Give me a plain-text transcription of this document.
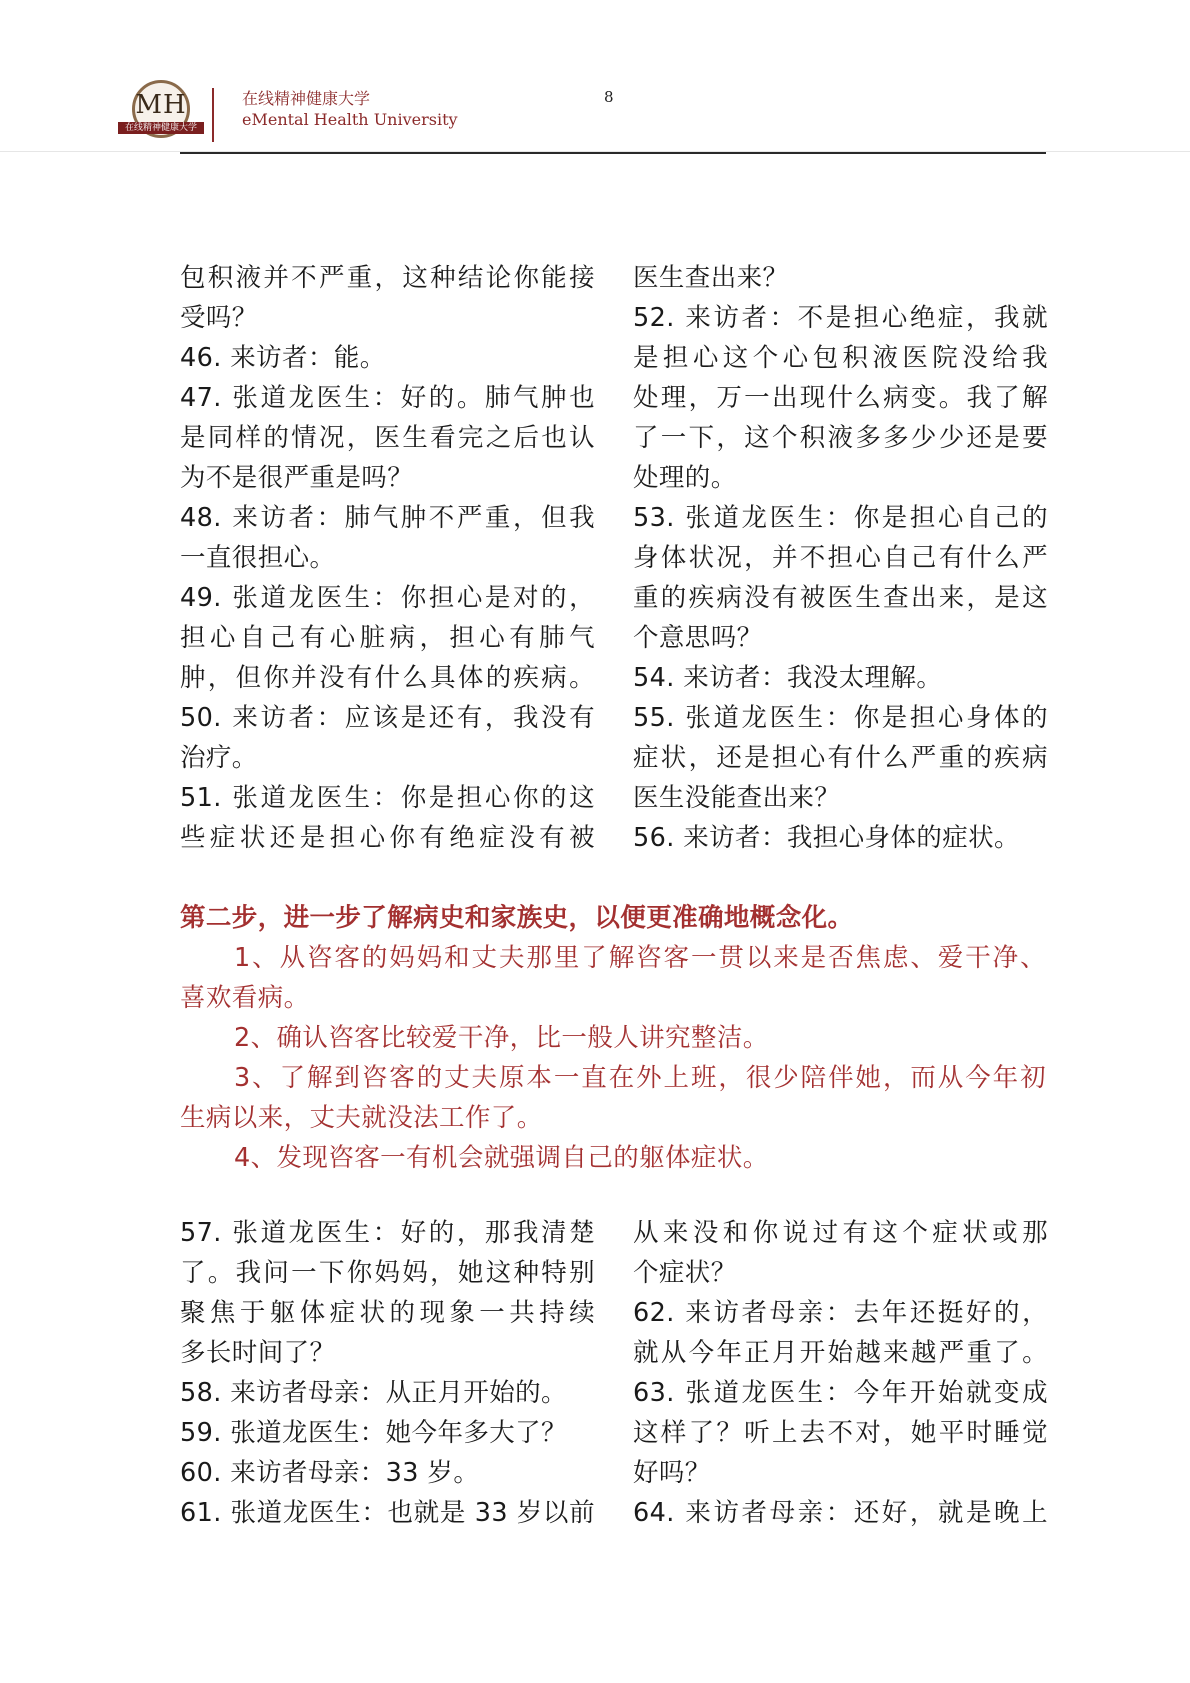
MH
在线精神健康大学
在线精神健康大学
eMental Health University
8
包积液并不严重，这种结论你能接
受吗？
46. 来访者：能。
47. 张道龙医生：好的。肺气肿也
是同样的情况，医生看完之后也认
为不是很严重是吗？
48. 来访者：肺气肿不严重，但我
一直很担心。
49. 张道龙医生：你担心是对的，
担心自己有心脏病，担心有肺气
肿，但你并没有什么具体的疾病。
50. 来访者：应该是还有，我没有
治疗。
51. 张道龙医生：你是担心你的这
些症状还是担心你有绝症没有被
医生查出来？
52. 来访者：不是担心绝症，我就
是担心这个心包积液医院没给我
处理，万一出现什么病变。我了解
了一下，这个积液多多少少还是要
处理的。
53. 张道龙医生：你是担心自己的
身体状况，并不担心自己有什么严
重的疾病没有被医生查出来，是这
个意思吗？
54. 来访者：我没太理解。
55. 张道龙医生：你是担心身体的
症状，还是担心有什么严重的疾病
医生没能查出来？
56. 来访者：我担心身体的症状。
第二步，进一步了解病史和家族史，以便更准确地概念化。
1、从咨客的妈妈和丈夫那里了解咨客一贯以来是否焦虑、爱干净、
喜欢看病。
2、确认咨客比较爱干净，比一般人讲究整洁。
3、了解到咨客的丈夫原本一直在外上班，很少陪伴她，而从今年初
生病以来，丈夫就没法工作了。
4、发现咨客一有机会就强调自己的躯体症状。
57. 张道龙医生：好的，那我清楚
了。我问一下你妈妈，她这种特别
聚焦于躯体症状的现象一共持续
多长时间了？
58. 来访者母亲：从正月开始的。
59. 张道龙医生：她今年多大了？
60. 来访者母亲：33 岁。
61. 张道龙医生：也就是 33 岁以前
从来没和你说过有这个症状或那
个症状？
62. 来访者母亲：去年还挺好的，
就从今年正月开始越来越严重了。
63. 张道龙医生：今年开始就变成
这样了？听上去不对，她平时睡觉
好吗？
64. 来访者母亲：还好，就是晚上
